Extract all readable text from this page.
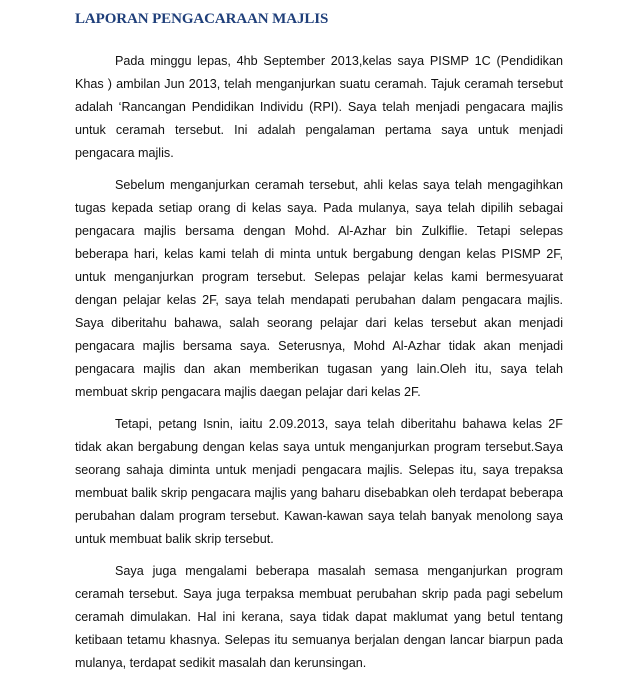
LAPORAN PENGACARAAN MAJLIS

Pada minggu lepas, 4hb September 2013,kelas saya PISMP 1C (Pendidikan Khas ) ambilan Jun 2013, telah menganjurkan suatu ceramah. Tajuk ceramah tersebut adalah ‘Rancangan Pendidikan Individu (RPI). Saya telah menjadi pengacara majlis untuk ceramah tersebut. Ini adalah pengalaman pertama saya untuk menjadi pengacara majlis.

Sebelum menganjurkan ceramah tersebut, ahli kelas saya telah mengagihkan tugas kepada setiap orang di kelas saya. Pada mulanya, saya telah dipilih sebagai pengacara majlis bersama dengan Mohd. Al-Azhar bin Zulkiflie. Tetapi selepas beberapa hari, kelas kami telah di minta untuk bergabung dengan kelas PISMP 2F, untuk menganjurkan program tersebut. Selepas pelajar kelas kami bermesyuarat dengan pelajar kelas 2F, saya telah mendapati perubahan dalam pengacara majlis. Saya diberitahu bahawa, salah seorang pelajar dari kelas tersebut akan menjadi pengacara majlis bersama saya. Seterusnya, Mohd Al-Azhar tidak akan menjadi pengacara majlis dan akan memberikan tugasan yang lain.Oleh itu, saya telah membuat skrip pengacara majlis daegan pelajar dari kelas 2F.

Tetapi, petang Isnin, iaitu 2.09.2013, saya telah diberitahu bahawa kelas 2F tidak akan bergabung dengan kelas saya untuk menganjurkan program tersebut.Saya seorang sahaja diminta untuk menjadi pengacara majlis. Selepas itu, saya trepaksa membuat balik skrip pengacara majlis yang baharu disebabkan oleh terdapat beberapa perubahan dalam program tersebut. Kawan-kawan saya telah banyak menolong saya untuk membuat balik skrip tersebut.

Saya juga mengalami beberapa masalah semasa menganjurkan program ceramah tersebut. Saya juga terpaksa membuat perubahan skrip pada pagi sebelum ceramah dimulakan. Hal ini kerana, saya tidak dapat maklumat yang betul tentang ketibaan tetamu khasnya. Selepas itu semuanya berjalan dengan lancar biarpun pada mulanya, terdapat sedikit masalah dan kerunsingan.
